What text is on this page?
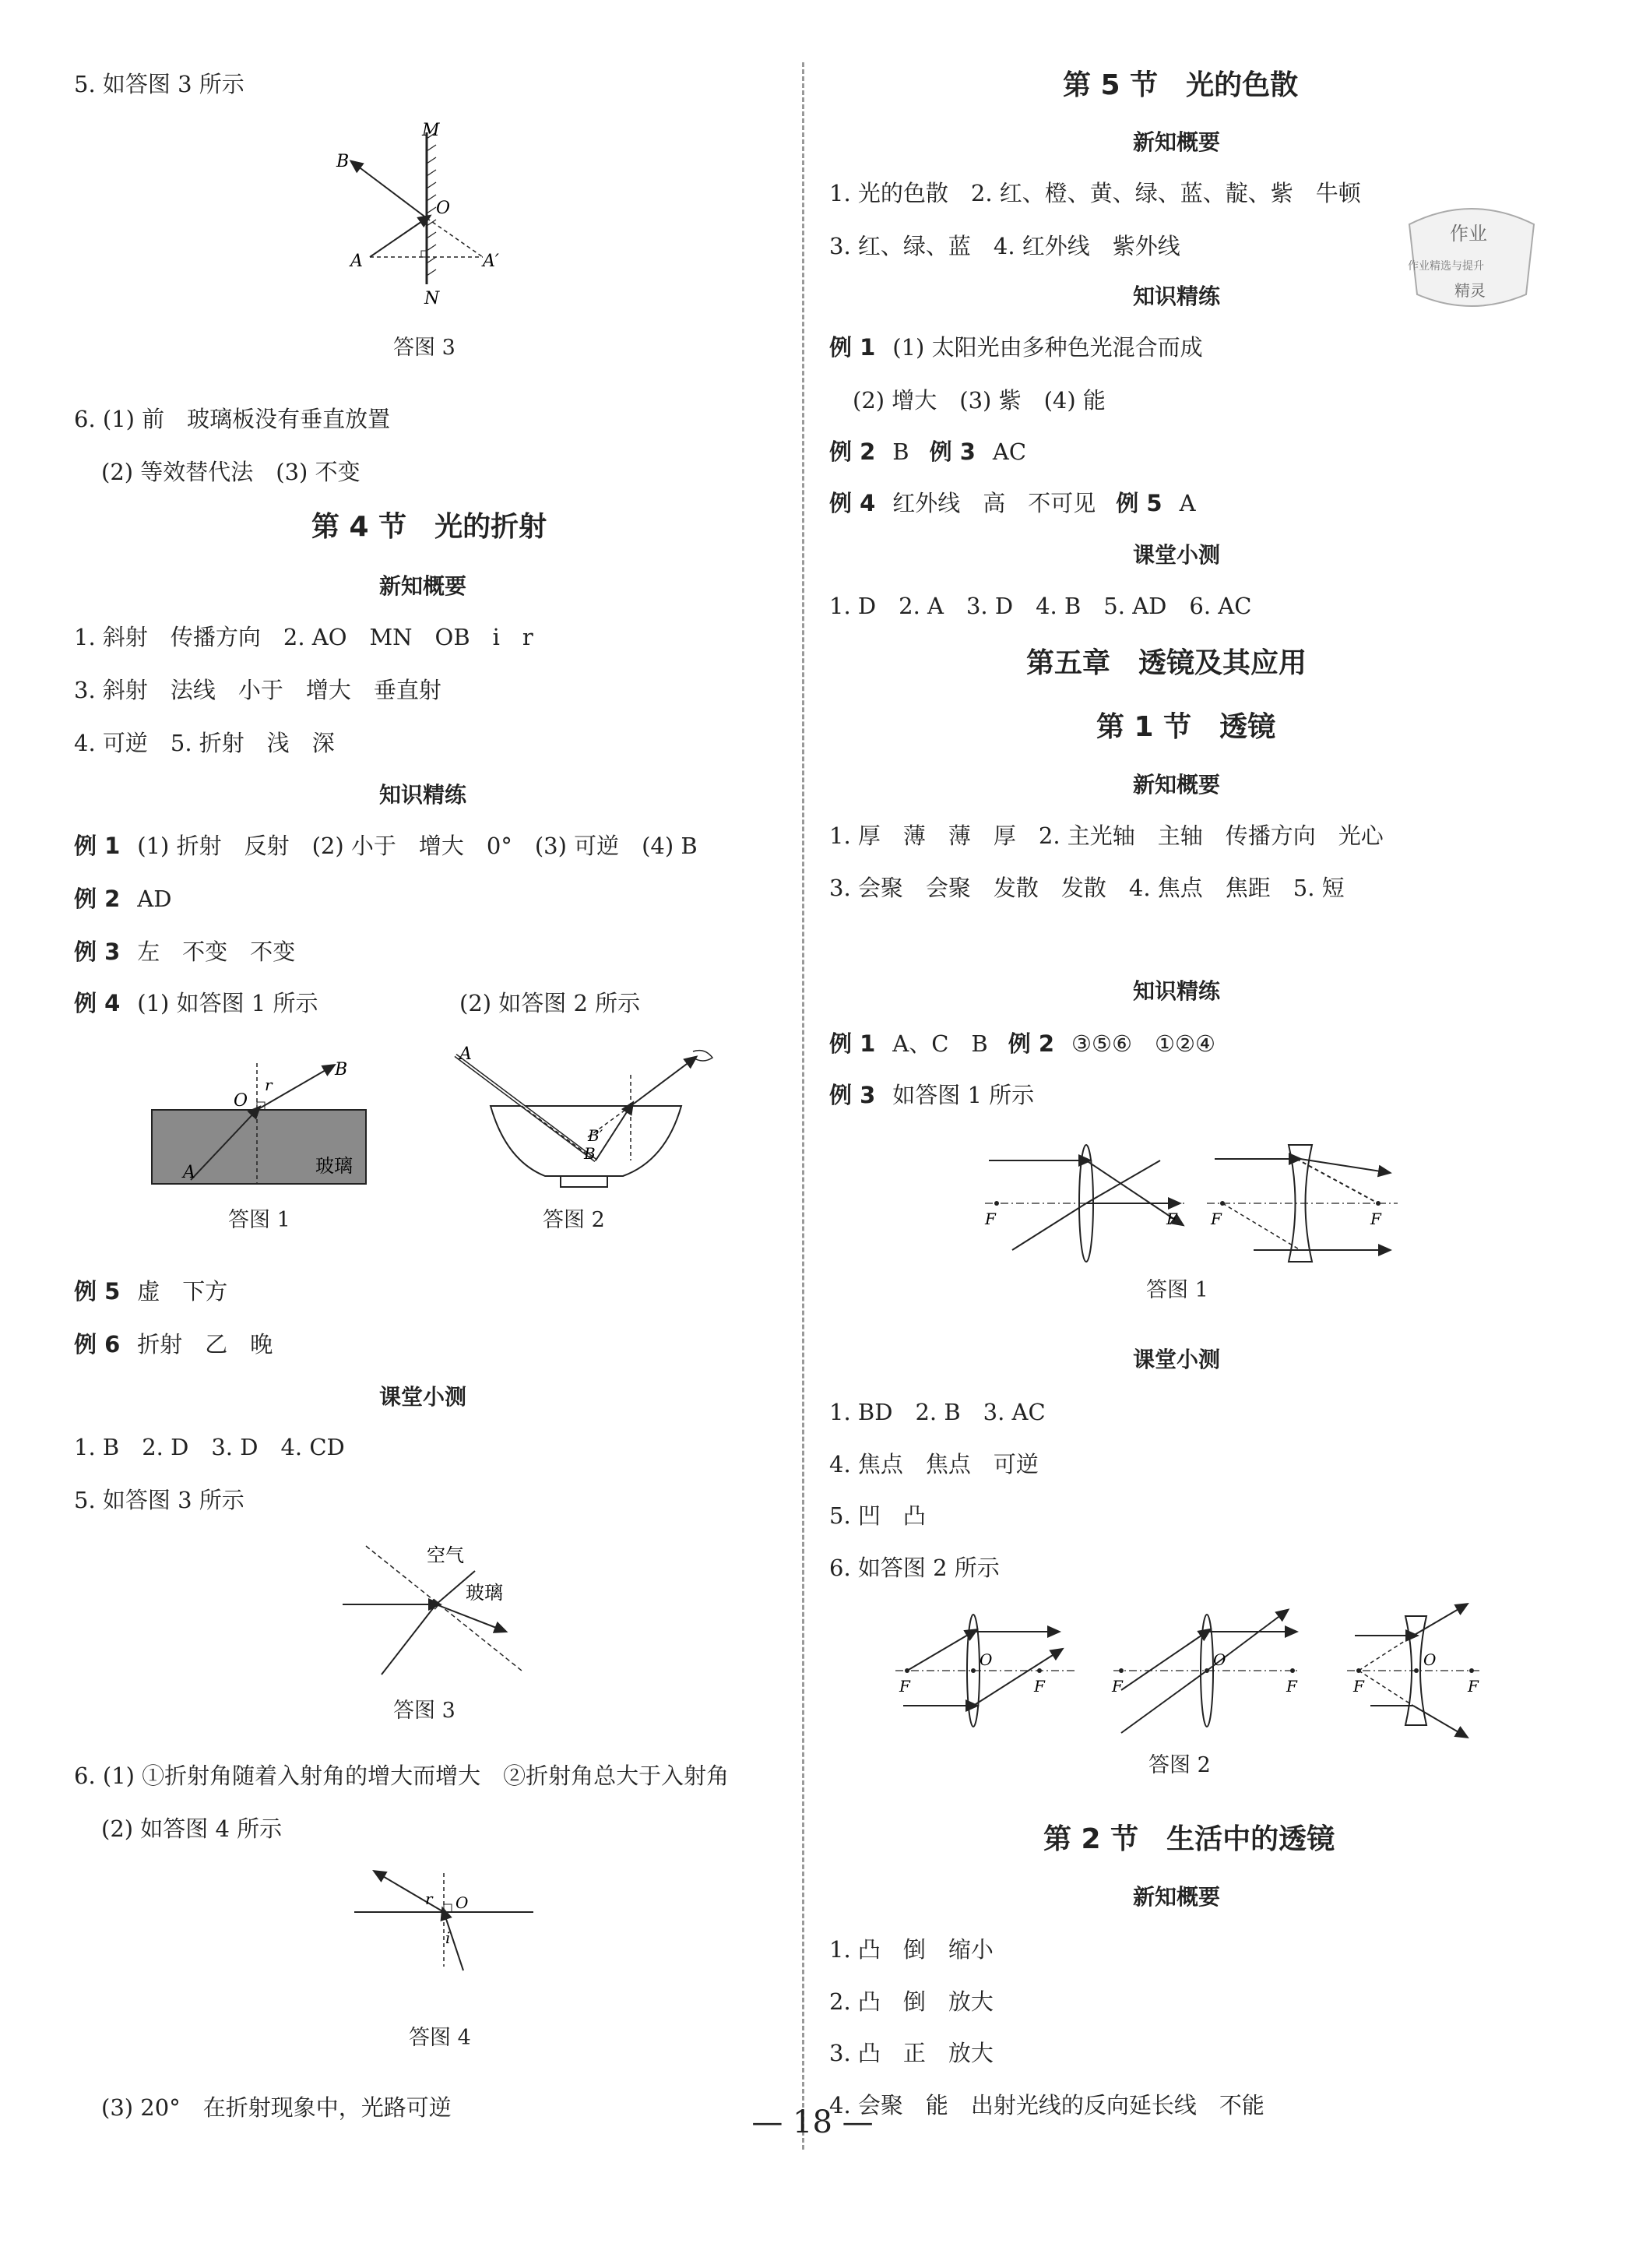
5. 如答图 3 所示
M
N
B
O
A	A′
答图 3
6. (1) 前　玻璃板没有垂直放置
(2) 等效替代法　(3) 不变
第 4 节　光的折射
新知概要
1. 斜射　传播方向　2. AO　MN　OB　i　r
3. 斜射　法线　小于　增大　垂直射
4. 可逆　5. 折射　浅　深
知识精练
例 1 (1) 折射　反射　(2) 小于　增大　0°　(3) 可逆　(4) B
例 2 AD
例 3 左　不变　不变
例 4 (1) 如答图 1 所示	(2) 如答图 2 所示
O
r
B
A	玻璃
答图 1
A
B′
B
答图 2
例 5 虚　下方
例 6 折射　乙　晚
课堂小测
1. B　2. D　3. D　4. CD
5. 如答图 3 所示
空气
玻璃
答图 3
6. (1) ①折射角随着入射角的增大而增大　②折射角总大于入射角
(2) 如答图 4 所示
r O
i
答图 4
(3) 20°　在折射现象中，光路可逆
第 5 节　光的色散
新知概要
1. 光的色散　2. 红、橙、黄、绿、蓝、靛、紫　牛顿
3. 红、绿、蓝　4. 红外线　紫外线	作业
作业精选与提升
精灵
知识精练
例 1 (1) 太阳光由多种色光混合而成
(2) 增大　(3) 紫　(4) 能
例 2 B 例 3 AC
例 4 红外线　高　不可见 例 5 A
课堂小测
1. D　2. A　3. D　4. B　5. AD　6. AC
第五章　透镜及其应用
第 1 节　透镜
新知概要
1. 厚　薄　薄　厚　2. 主光轴　主轴　传播方向　光心
3. 会聚　会聚　发散　发散　4. 焦点　焦距　5. 短
知识精练
例 1 A、C　B 例 2 ③⑤⑥　①②④
例 3 如答图 1 所示
F	F F	F
答图 1
课堂小测
1. BD　2. B　3. AC
4. 焦点　焦点　可逆
5. 凹　凸
6. 如答图 2 所示
F	F
O
F	F
O
F	F
O
答图 2
第 2 节　生活中的透镜
新知概要
1. 凸　倒　缩小
2. 凸　倒　放大
3. 凸　正　放大
4. 会聚　能　出射光线的反向延长线　不能
— 18 —
